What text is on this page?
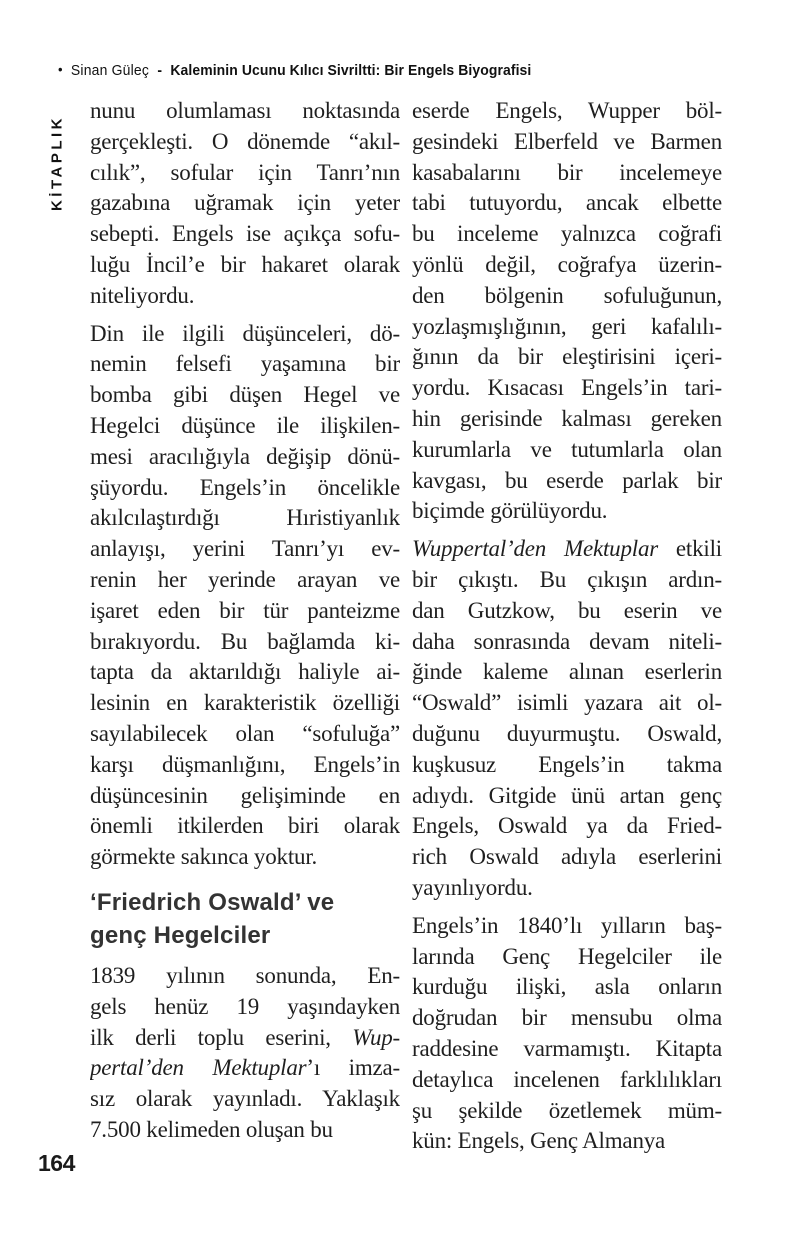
• Sinan Güleç - Kaleminin Ucunu Kılıcı Sivriltti: Bir Engels Biyografisi
KİTAPLIK
nunu olumlaması noktasında
gerçekleşti. O dönemde “akıl-
cılık”, sofular için Tanrı’nın
gazabına uğramak için yeter
sebepti. Engels ise açıkça sofu-
luğu İncil’e bir hakaret olarak
niteliyordu.
Din ile ilgili düşünceleri, dö-
nemin felsefi yaşamına bir
bomba gibi düşen Hegel ve
Hegelci düşünce ile ilişkilen-
mesi aracılığıyla değişip dönü-
şüyordu. Engels’in öncelikle
akılcılaştırdığı Hıristiyanlık
anlayışı, yerini Tanrı’yı ev-
renin her yerinde arayan ve
işaret eden bir tür panteizme
bırakıyordu. Bu bağlamda ki-
tapta da aktarıldığı haliyle ai-
lesinin en karakteristik özelliği
sayılabilecek olan “sofuluğa”
karşı düşmanlığını, Engels’in
düşüncesinin gelişiminde en
önemli itkilerden biri olarak
görmekte sakınca yoktur.
‘Friedrich Oswald’ ve
genç Hegelciler
1839 yılının sonunda, En-
gels henüz 19 yaşındayken
ilk derli toplu eserini, Wup-
pertal’den Mektuplar’ı imza-
sız olarak yayınladı. Yaklaşık
7.500 kelimeden oluşan bu
eserde Engels, Wupper böl-
gesindeki Elberfeld ve Barmen
kasabalarını bir incelemeye
tabi tutuyordu, ancak elbette
bu inceleme yalnızca coğrafi
yönlü değil, coğrafya üzerin-
den bölgenin sofuluğunun,
yozlaşmışlığının, geri kafalılı-
ğının da bir eleştirisini içeri-
yordu. Kısacası Engels’in tari-
hin gerisinde kalması gereken
kurumlarla ve tutumlarla olan
kavgası, bu eserde parlak bir
biçimde görülüyordu.
Wuppertal’den Mektuplar etkili
bir çıkıştı. Bu çıkışın ardın-
dan Gutzkow, bu eserin ve
daha sonrasında devam niteli-
ğinde kaleme alınan eserlerin
“Oswald” isimli yazara ait ol-
duğunu duyurmuştu. Oswald,
kuşkusuz Engels’in takma
adıydı. Gitgide ünü artan genç
Engels, Oswald ya da Fried-
rich Oswald adıyla eserlerini
yayınlıyordu.
Engels’in 1840’lı yılların baş-
larında Genç Hegelciler ile
kurduğu ilişki, asla onların
doğrudan bir mensubu olma
raddesine varmamıştı. Kitapta
detaylıca incelenen farklılıkları
şu şekilde özetlemek müm-
kün: Engels, Genç Almanya
164
